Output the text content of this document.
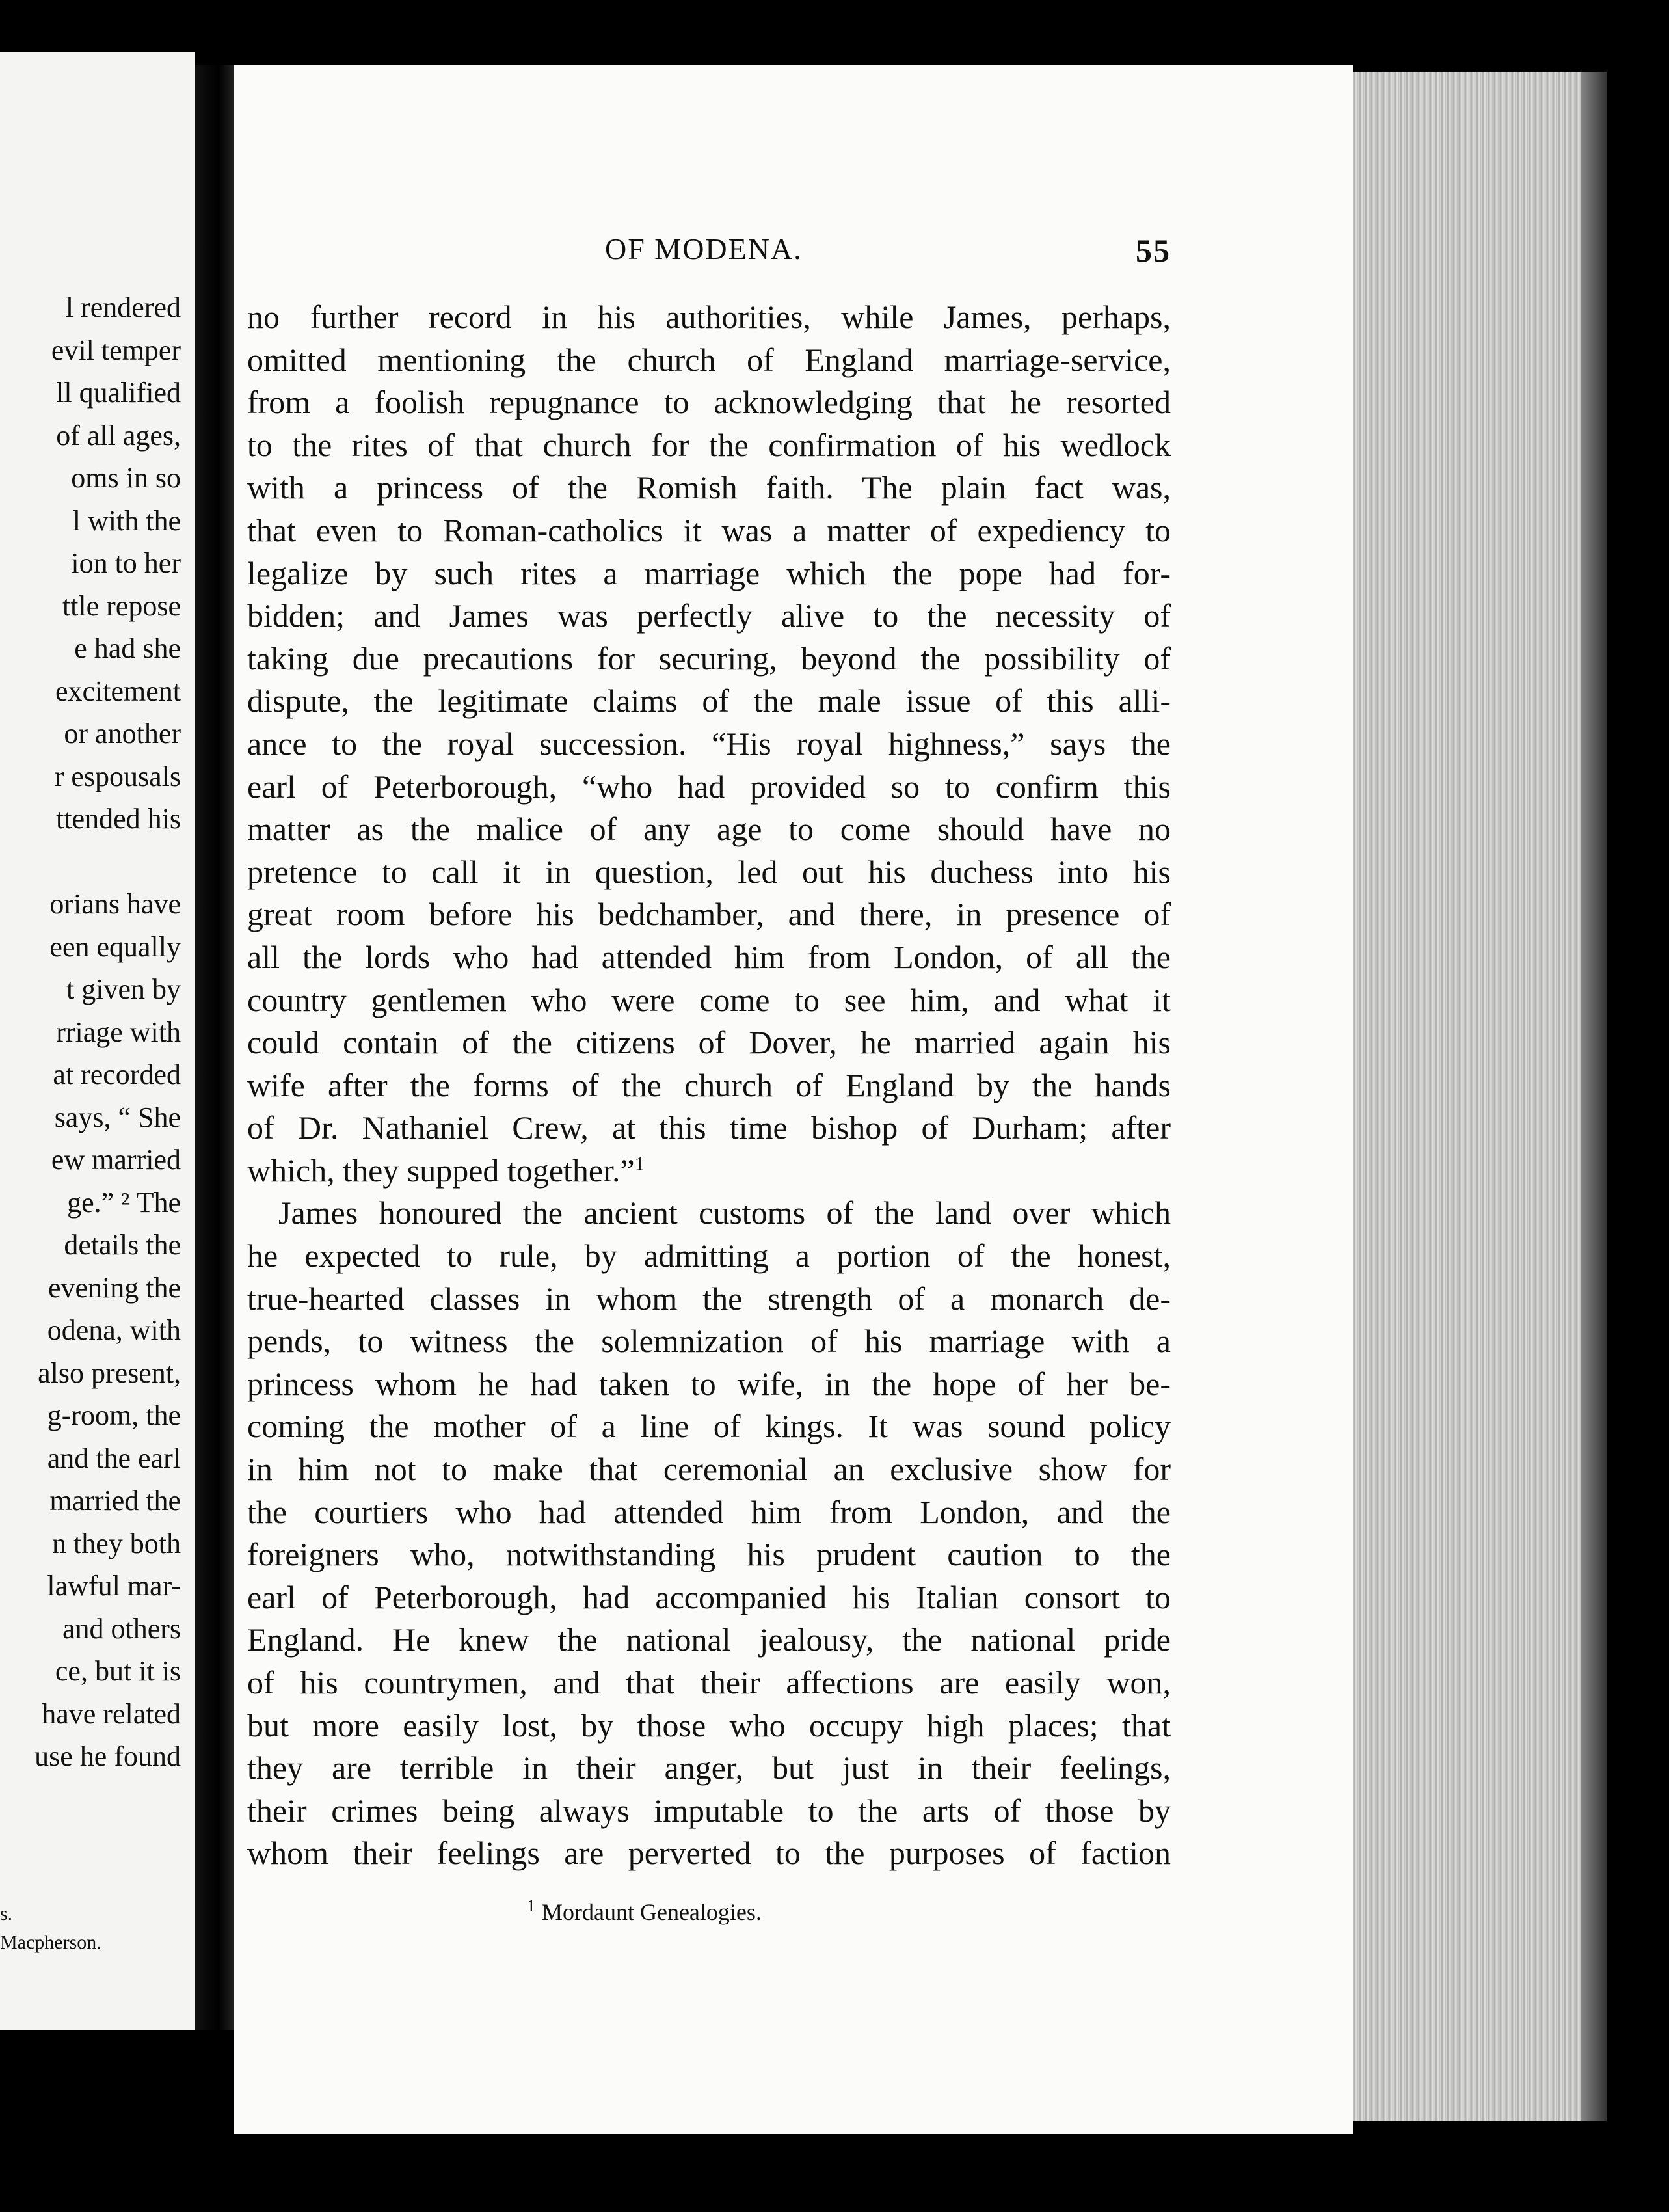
l rendered
evil temper
ll qualified
of all ages,
oms in so
l with the
ion to her
ttle repose
e had she
excitement
or another
r espousals
ttended his
orians have
een equally
t given by
rriage with
at recorded
says, “ She
ew married
ge.” ² The
details the
evening the
odena, with
also present,
g-room, the
and the earl
married the
n they both
lawful mar-
and others
ce, but it is
have related
use he found
s.
Macpherson.
OF MODENA.	55
no further record in his authorities, while James, perhaps,
omitted mentioning the church of England marriage-service,
from a foolish repugnance to acknowledging that he resorted
to the rites of that church for the confirmation of his wedlock
with a princess of the Romish faith. The plain fact was,
that even to Roman-catholics it was a matter of expediency to
legalize by such rites a marriage which the pope had for-
bidden; and James was perfectly alive to the necessity of
taking due precautions for securing, beyond the possibility of
dispute, the legitimate claims of the male issue of this alli-
ance to the royal succession. “His royal highness,” says the
earl of Peterborough, “who had provided so to confirm this
matter as the malice of any age to come should have no
pretence to call it in question, led out his duchess into his
great room before his bedchamber, and there, in presence of
all the lords who had attended him from London, of all the
country gentlemen who were come to see him, and what it
could contain of the citizens of Dover, he married again his
wife after the forms of the church of England by the hands
of Dr. Nathaniel Crew, at this time bishop of Durham; after
which, they supped together.”$^1$
James honoured the ancient customs of the land over which
he expected to rule, by admitting a portion of the honest,
true-hearted classes in whom the strength of a monarch de-
pends, to witness the solemnization of his marriage with a
princess whom he had taken to wife, in the hope of her be-
coming the mother of a line of kings. It was sound policy
in him not to make that ceremonial an exclusive show for
the courtiers who had attended him from London, and the
foreigners who, notwithstanding his prudent caution to the
earl of Peterborough, had accompanied his Italian consort to
England. He knew the national jealousy, the national pride
of his countrymen, and that their affections are easily won,
but more easily lost, by those who occupy high places; that
they are terrible in their anger, but just in their feelings,
their crimes being always imputable to the arts of those by
whom their feelings are perverted to the purposes of faction
$^1$ Mordaunt Genealogies.
